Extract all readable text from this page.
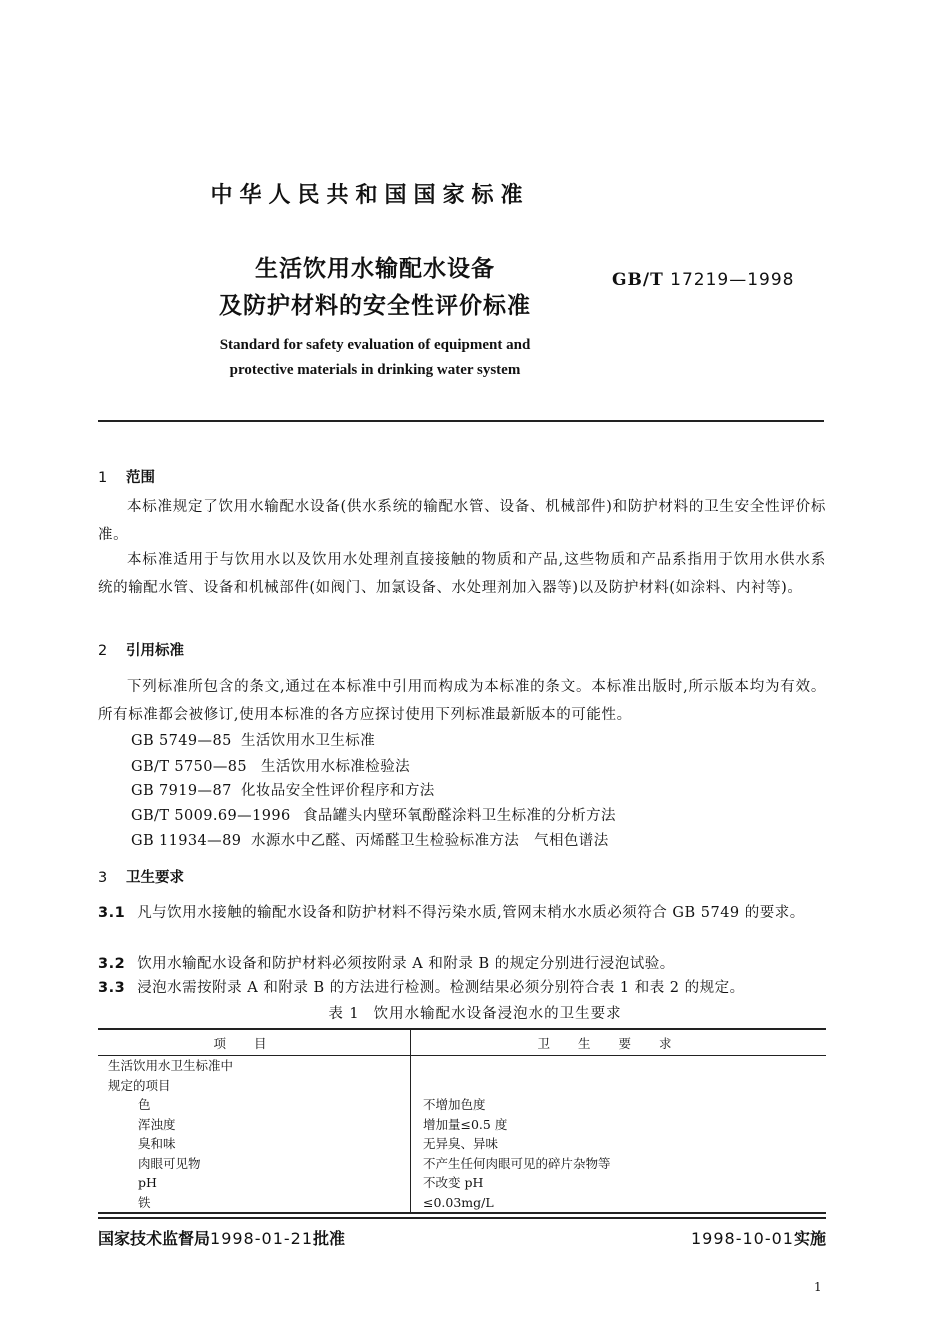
中华人民共和国国家标准
生活饮用水输配水设备
及防护材料的安全性评价标准
GB/T 17219—1998
Standard for safety evaluation of equipment and
protective materials in drinking water system
1 范围
本标准规定了饮用水输配水设备(供水系统的输配水管、设备、机械部件)和防护材料的卫生安全性评价标准。
本标准适用于与饮用水以及饮用水处理剂直接接触的物质和产品,这些物质和产品系指用于饮用水供水系统的输配水管、设备和机械部件(如阀门、加氯设备、水处理剂加入器等)以及防护材料(如涂料、内衬等)。
2 引用标准
下列标准所包含的条文,通过在本标准中引用而构成为本标准的条文。本标准出版时,所示版本均为有效。所有标准都会被修订,使用本标准的各方应探讨使用下列标准最新版本的可能性。
GB 5749—85 生活饮用水卫生标准
GB/T 5750—85 生活饮用水标准检验法
GB 7919—87 化妆品安全性评价程序和方法
GB/T 5009.69—1996 食品罐头内壁环氧酚醛涂料卫生标准的分析方法
GB 11934—89 水源水中乙醛、丙烯醛卫生检验标准方法　气相色谱法
3 卫生要求
3.1 凡与饮用水接触的输配水设备和防护材料不得污染水质,管网末梢水水质必须符合 GB 5749 的要求。
3.2 饮用水输配水设备和防护材料必须按附录 A 和附录 B 的规定分别进行浸泡试验。
3.3 浸泡水需按附录 A 和附录 B 的方法进行检测。检测结果必须分别符合表 1 和表 2 的规定。
表 1 饮用水输配水设备浸泡水的卫生要求
项目	卫生要求
生活饮用水卫生标准中	
规定的项目	
色	不增加色度
浑浊度	增加量≤0.5 度
臭和味	无异臭、异味
肉眼可见物	不产生任何肉眼可见的碎片杂物等
pH	不改变 pH
铁	≤0.03mg/L
国家技术监督局1998-01-21批准	1998-10-01实施
1
